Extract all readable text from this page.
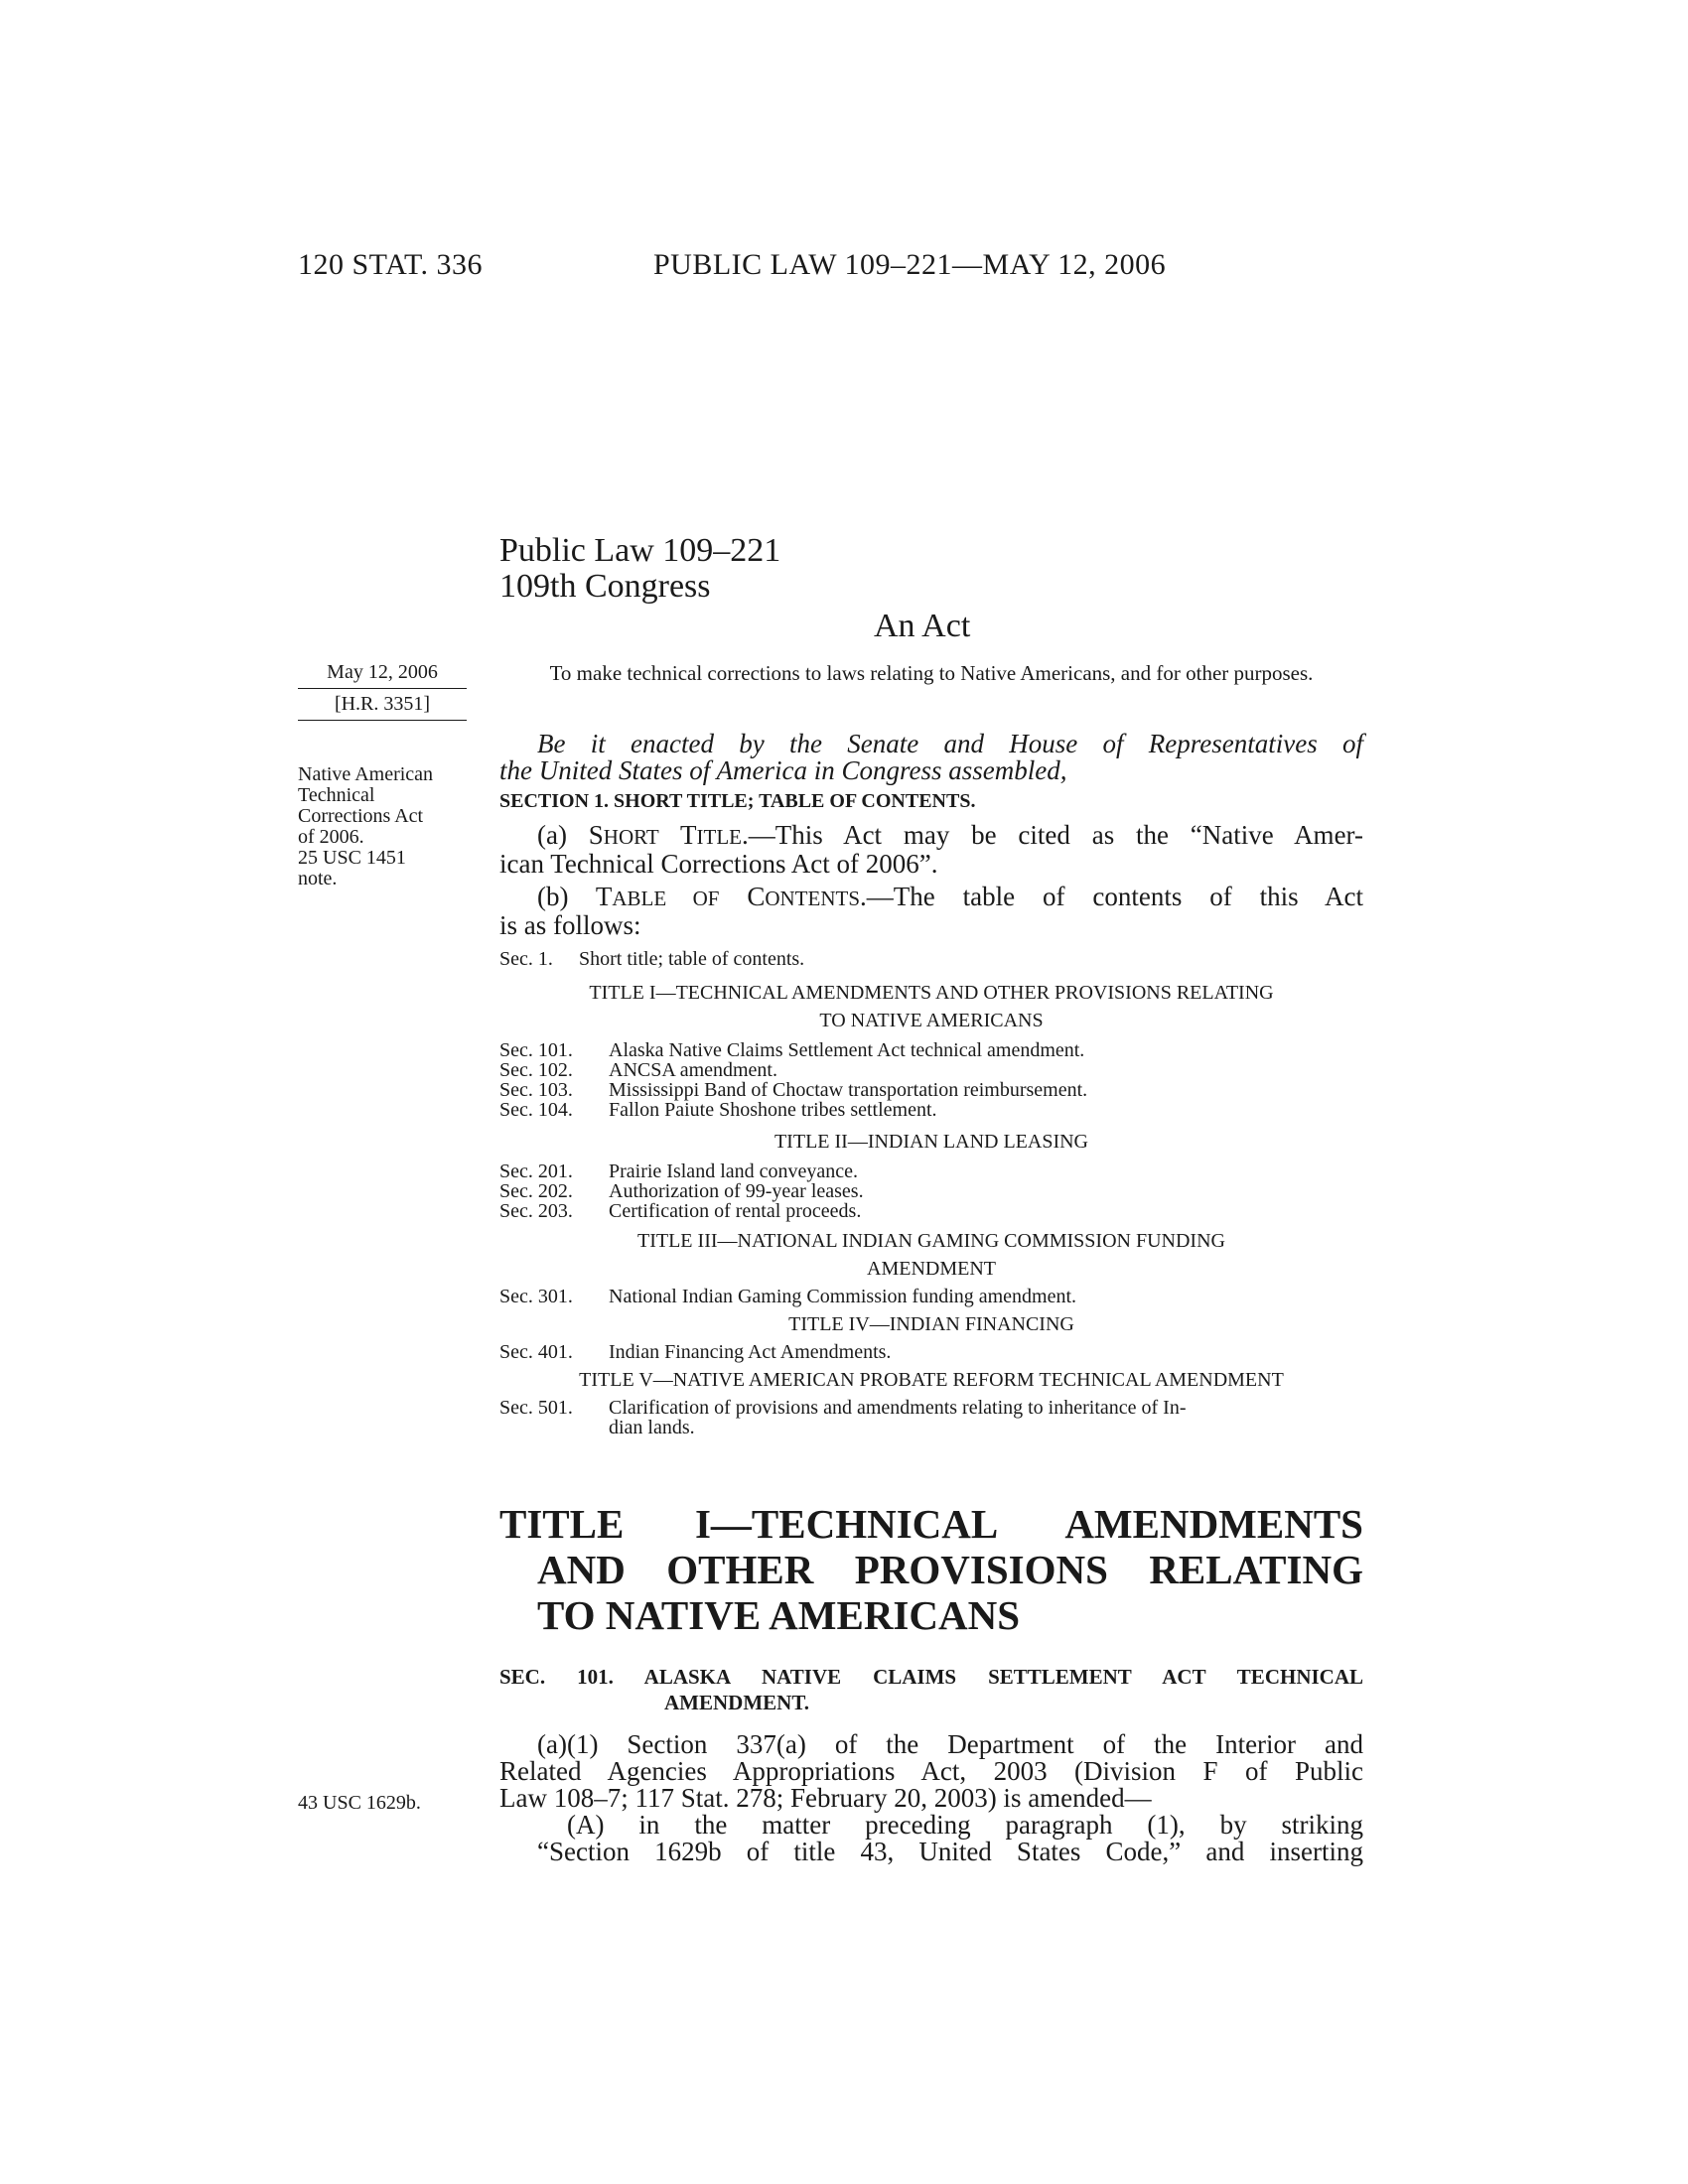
120 STAT. 336	PUBLIC LAW 109–221—MAY 12, 2006
Public Law 109–221
109th Congress
An Act
May 12, 2006
[H.R. 3351]
Native American
Technical
Corrections Act
of 2006.
25 USC 1451
note.
43 USC 1629b.
To make technical corrections to laws relating to Native Americans, and for other purposes.
Be it enacted by the Senate and House of Representatives of
the United States of America in Congress assembled,
SECTION 1. SHORT TITLE; TABLE OF CONTENTS.
(a) SHORT TITLE.—This Act may be cited as the “Native Amer-
ican Technical Corrections Act of 2006”.
(b) TABLE OF CONTENTS.—The table of contents of this Act
is as follows:
Sec. 1. Short title; table of contents.
TITLE I—TECHNICAL AMENDMENTS AND OTHER PROVISIONS RELATING
TO NATIVE AMERICANS
Sec. 101. Alaska Native Claims Settlement Act technical amendment.
Sec. 102. ANCSA amendment.
Sec. 103. Mississippi Band of Choctaw transportation reimbursement.
Sec. 104. Fallon Paiute Shoshone tribes settlement.
TITLE II—INDIAN LAND LEASING
Sec. 201. Prairie Island land conveyance.
Sec. 202. Authorization of 99-year leases.
Sec. 203. Certification of rental proceeds.
TITLE III—NATIONAL INDIAN GAMING COMMISSION FUNDING
AMENDMENT
Sec. 301. National Indian Gaming Commission funding amendment.
TITLE IV—INDIAN FINANCING
Sec. 401. Indian Financing Act Amendments.
TITLE V—NATIVE AMERICAN PROBATE REFORM TECHNICAL AMENDMENT
Sec. 501. Clarification of provisions and amendments relating to inheritance of In-
dian lands.
TITLE I—TECHNICAL AMENDMENTS
AND OTHER PROVISIONS RELATING
TO NATIVE AMERICANS
SEC. 101. ALASKA NATIVE CLAIMS SETTLEMENT ACT TECHNICAL
AMENDMENT.
(a)(1) Section 337(a) of the Department of the Interior and
Related Agencies Appropriations Act, 2003 (Division F of Public
Law 108–7; 117 Stat. 278; February 20, 2003) is amended—
(A) in the matter preceding paragraph (1), by striking
“Section 1629b of title 43, United States Code,” and inserting
